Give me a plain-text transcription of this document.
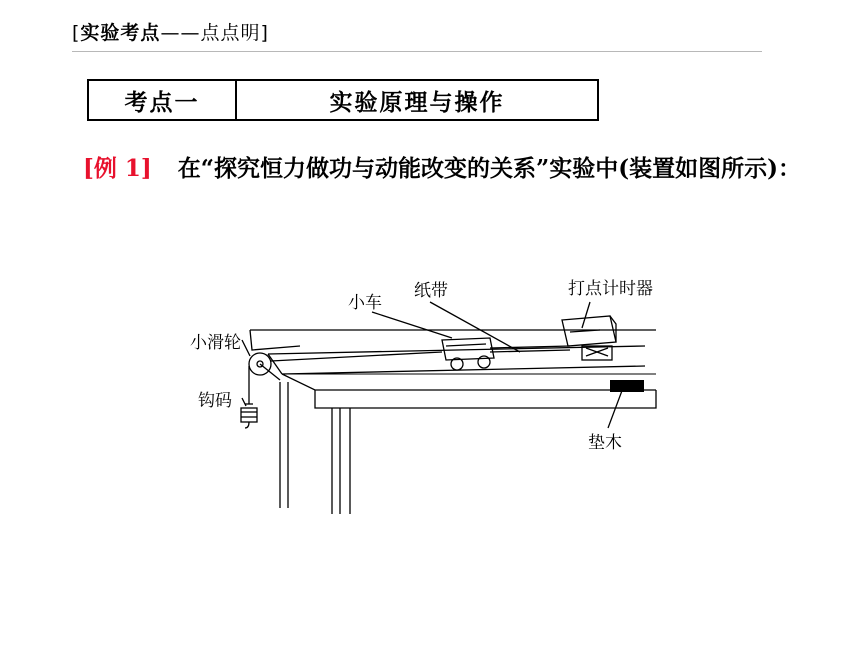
[实验考点——点点明]
考点一	实验原理与操作
[例 1] 在“探究恒力做功与动能改变的关系”实验中(装置如图所示)：
小车
纸带	打点计时器
小滑轮
钩码
垫木
